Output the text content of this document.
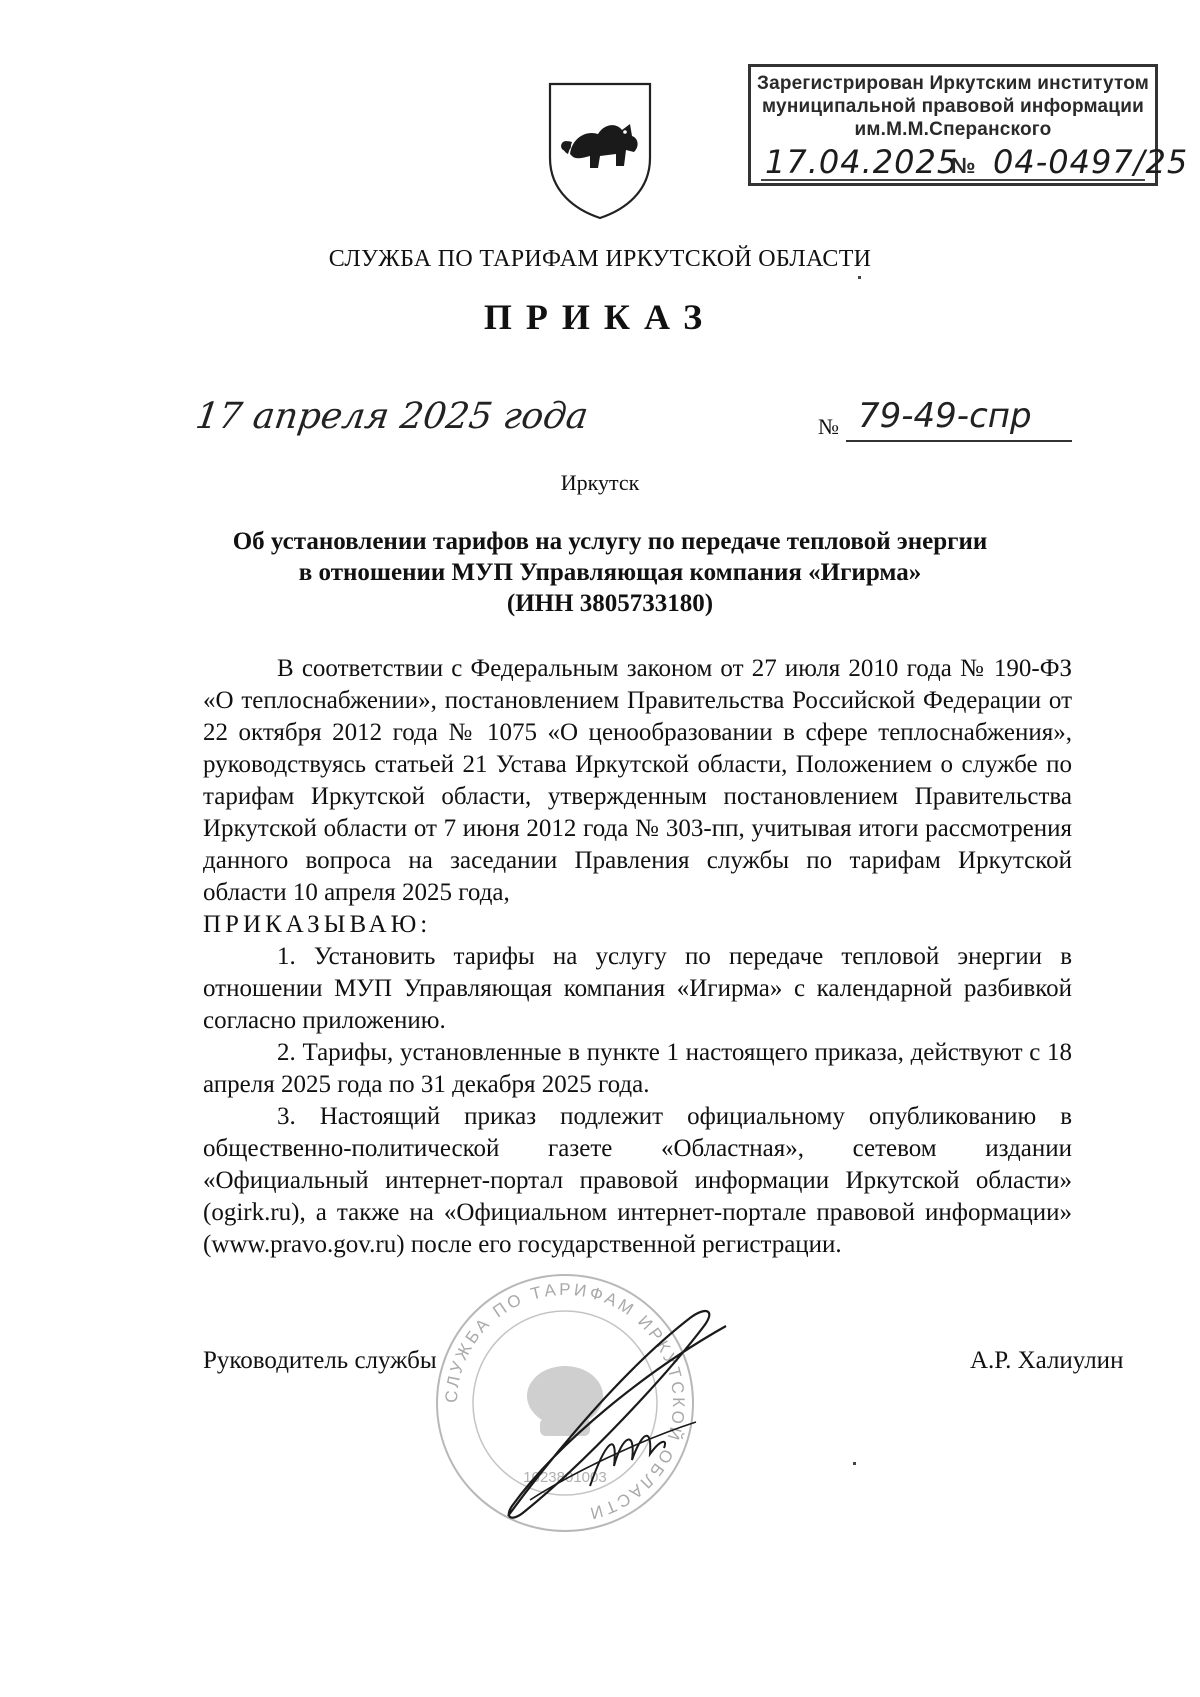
Зарегистрирован Иркутским институтом
муниципальной правовой информации
им.М.М.Сперанского
17.04.2025
№ 04-0497/25
СЛУЖБА ПО ТАРИФАМ ИРКУТСКОЙ ОБЛАСТИ
ПРИКАЗ
17 апреля 2025 года	№ 79-49-спр
Иркутск
Об установлении тарифов на услугу по передаче тепловой энергии
в отношении МУП Управляющая компания «Игирма»
(ИНН 3805733180)

В соответствии с Федеральным законом от 27 июля 2010 года № 190-ФЗ «О теплоснабжении», постановлением Правительства Российской Федерации от 22 октября 2012 года № 1075 «О ценообразовании в сфере теплоснабжения», руководствуясь статьей 21 Устава Иркутской области, Положением о службе по тарифам Иркутской области, утвержденным постановлением Правительства Иркутской области от 7 июня 2012 года № 303-пп, учитывая итоги рассмотрения данного вопроса на заседании Правления службы по тарифам Иркутской области 10 апреля 2025 года,

ПРИКАЗЫВАЮ:

1. Установить тарифы на услугу по передаче тепловой энергии в отношении МУП Управляющая компания «Игирма» с календарной разбивкой согласно приложению.

2. Тарифы, установленные в пункте 1 настоящего приказа, действуют с 18 апреля 2025 года по 31 декабря 2025 года.

3. Настоящий приказ подлежит официальному опубликованию в общественно-политической газете «Областная», сетевом издании «Официальный интернет-портал правовой информации Иркутской области» (ogirk.ru), а также на «Официальном интернет-портале правовой информации» (www.pravo.gov.ru) после его государственной регистрации.

СЛУЖБА ПО ТАРИФАМ ИРКУТСКОЙ ОБЛАСТИ
1023801003
Руководитель службы	А.Р. Халиулин
